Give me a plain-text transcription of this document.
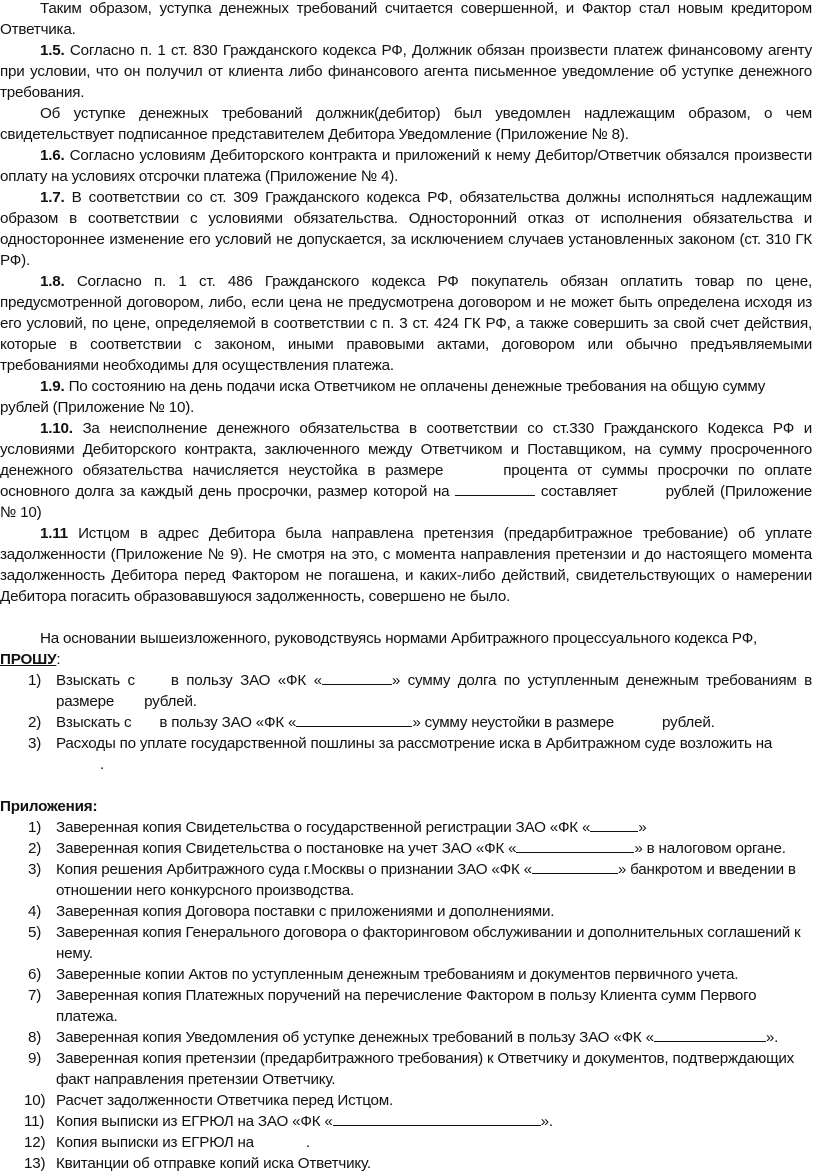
Таким образом, уступка денежных требований считается совершенной, и Фактор стал новым кредитором Ответчика.

1.5. Согласно п. 1 ст. 830 Гражданского кодекса РФ, Должник обязан произвести платеж финансовому агенту при условии, что он получил от клиента либо финансового агента письменное уведомление об уступке денежного требования.

Об уступке денежных требований должник(дебитор) был уведомлен надлежащим образом, о чем свидетельствует подписанное представителем Дебитора Уведомление (Приложение № 8).

1.6. Согласно условиям Дебиторского контракта и приложений к нему Дебитор/Ответчик обязался произвести оплату на условиях отсрочки платежа (Приложение № 4).

1.7. В соответствии со ст. 309 Гражданского кодекса РФ, обязательства должны исполняться надлежащим образом в соответствии с условиями обязательства. Односторонний отказ от исполнения обязательства и одностороннее изменение его условий не допускается, за исключением случаев установленных законом (ст. 310 ГК РФ).

1.8. Согласно п. 1 ст. 486 Гражданского кодекса РФ покупатель обязан оплатить товар по цене, предусмотренной договором, либо, если цена не предусмотрена договором и не может быть определена исходя из его условий, по цене, определяемой в соответствии с п. 3 ст. 424 ГК РФ, а также совершить за свой счет действия, которые в соответствии с законом, иными правовыми актами, договором или обычно предъявляемыми требованиями необходимы для осуществления платежа.

1.9. По состоянию на день подачи иска Ответчиком не оплачены денежные требования на общую сумму
рублей (Приложение № 10).

1.10. За неисполнение денежного обязательства в соответствии со ст.330 Гражданского Кодекса РФ и условиями Дебиторского контракта, заключенного между Ответчиком и Поставщиком, на сумму просроченного денежного обязательства начисляется неустойка в размере	процента от суммы просрочки по оплате основного долга за каждый день просрочки, размер которой на	составляет	рублей (Приложение № 10)

1.11 Истцом в адрес Дебитора была направлена претензия (предарбитражное требование) об уплате задолженности (Приложение № 9). Не смотря на это, с момента направления претензии и до настоящего момента задолженность Дебитора перед Фактором не погашена, и каких-либо действий, свидетельствующих о намерении Дебитора погасить образовавшуюся задолженность, совершено не было.

На основании вышеизложенного, руководствуясь нормами Арбитражного процессуального кодекса РФ,
ПРОШУ:

1) Взыскать с в пользу ЗАО «ФК «	» сумму долга по уступленным денежным требованиям в размере рублей.
2) Взыскать с в пользу ЗАО «ФК «	» сумму неустойки в размере	рублей.
3) Расходы по уплате государственной пошлины за рассмотрение иска в Арбитражном суде возложить на
.

Приложения:

1) Заверенная копия Свидетельства о государственной регистрации ЗАО «ФК «	»
2) Заверенная копия Свидетельства о постановке на учет ЗАО «ФК «	» в налоговом органе.
3) Копия решения Арбитражного суда г.Москвы о признании ЗАО «ФК «	» банкротом и введении в отношении него конкурсного производства.
4) Заверенная копия Договора поставки с приложениями и дополнениями.
5) Заверенная копия Генерального договора о факторинговом обслуживании и дополнительных соглашений к нему.
6) Заверенные копии Актов по уступленным денежным требованиям и документов первичного учета.
7) Заверенная копия Платежных поручений на перечисление Фактором в пользу Клиента сумм Первого платежа.
8) Заверенная копия Уведомления об уступке денежных требований в пользу ЗАО «ФК «	».
9) Заверенная копия претензии (предарбитражного требования) к Ответчику и документов, подтверждающих факт направления претензии Ответчику.
10) Расчет задолженности Ответчика перед Истцом.
11) Копия выписки из ЕГРЮЛ на ЗАО «ФК «	».
12) Копия выписки из ЕГРЮЛ на	.
13) Квитанции об отправке копий иска Ответчику.
